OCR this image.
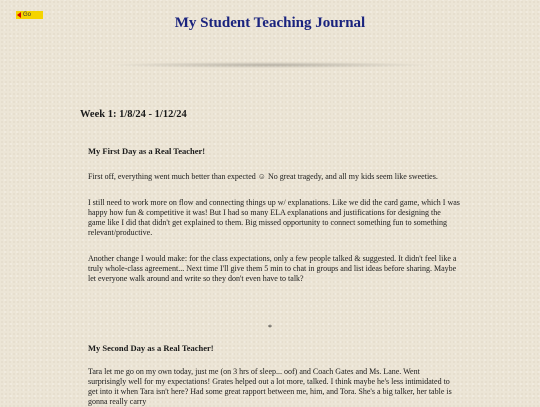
Go	My Student Teaching Journal
Week 1: 1/8/24 - 1/12/24
My First Day as a Real Teacher!

First off, everything went much better than expected ☺ No great tragedy, and all my kids seem like sweeties.

I still need to work more on flow and connecting things up w/ explanations. Like we did the card game, which I was happy how fun & competitive it was! But I had so many ELA explanations and justifications for designing the game like I did that didn't get explained to them. Big missed opportunity to connect something fun to something relevant/productive.

Another change I would make: for the class expectations, only a few people talked & suggested. It didn't feel like a truly whole-class agreement... Next time I'll give them 5 min to chat in groups and list ideas before sharing. Maybe let everyone walk around and write so they don't even have to talk?

*
My Second Day as a Real Teacher!

Tara let me go on my own today, just me (on 3 hrs of sleep... oof) and Coach Gates and Ms. Lane. Went surprisingly well for my expectations! Grates helped out a lot more, talked. I think maybe he's less intimidated to get into it when Tara isn't here? Had some great rapport between me, him, and Tora. She's a big talker, her table is gonna really carry
